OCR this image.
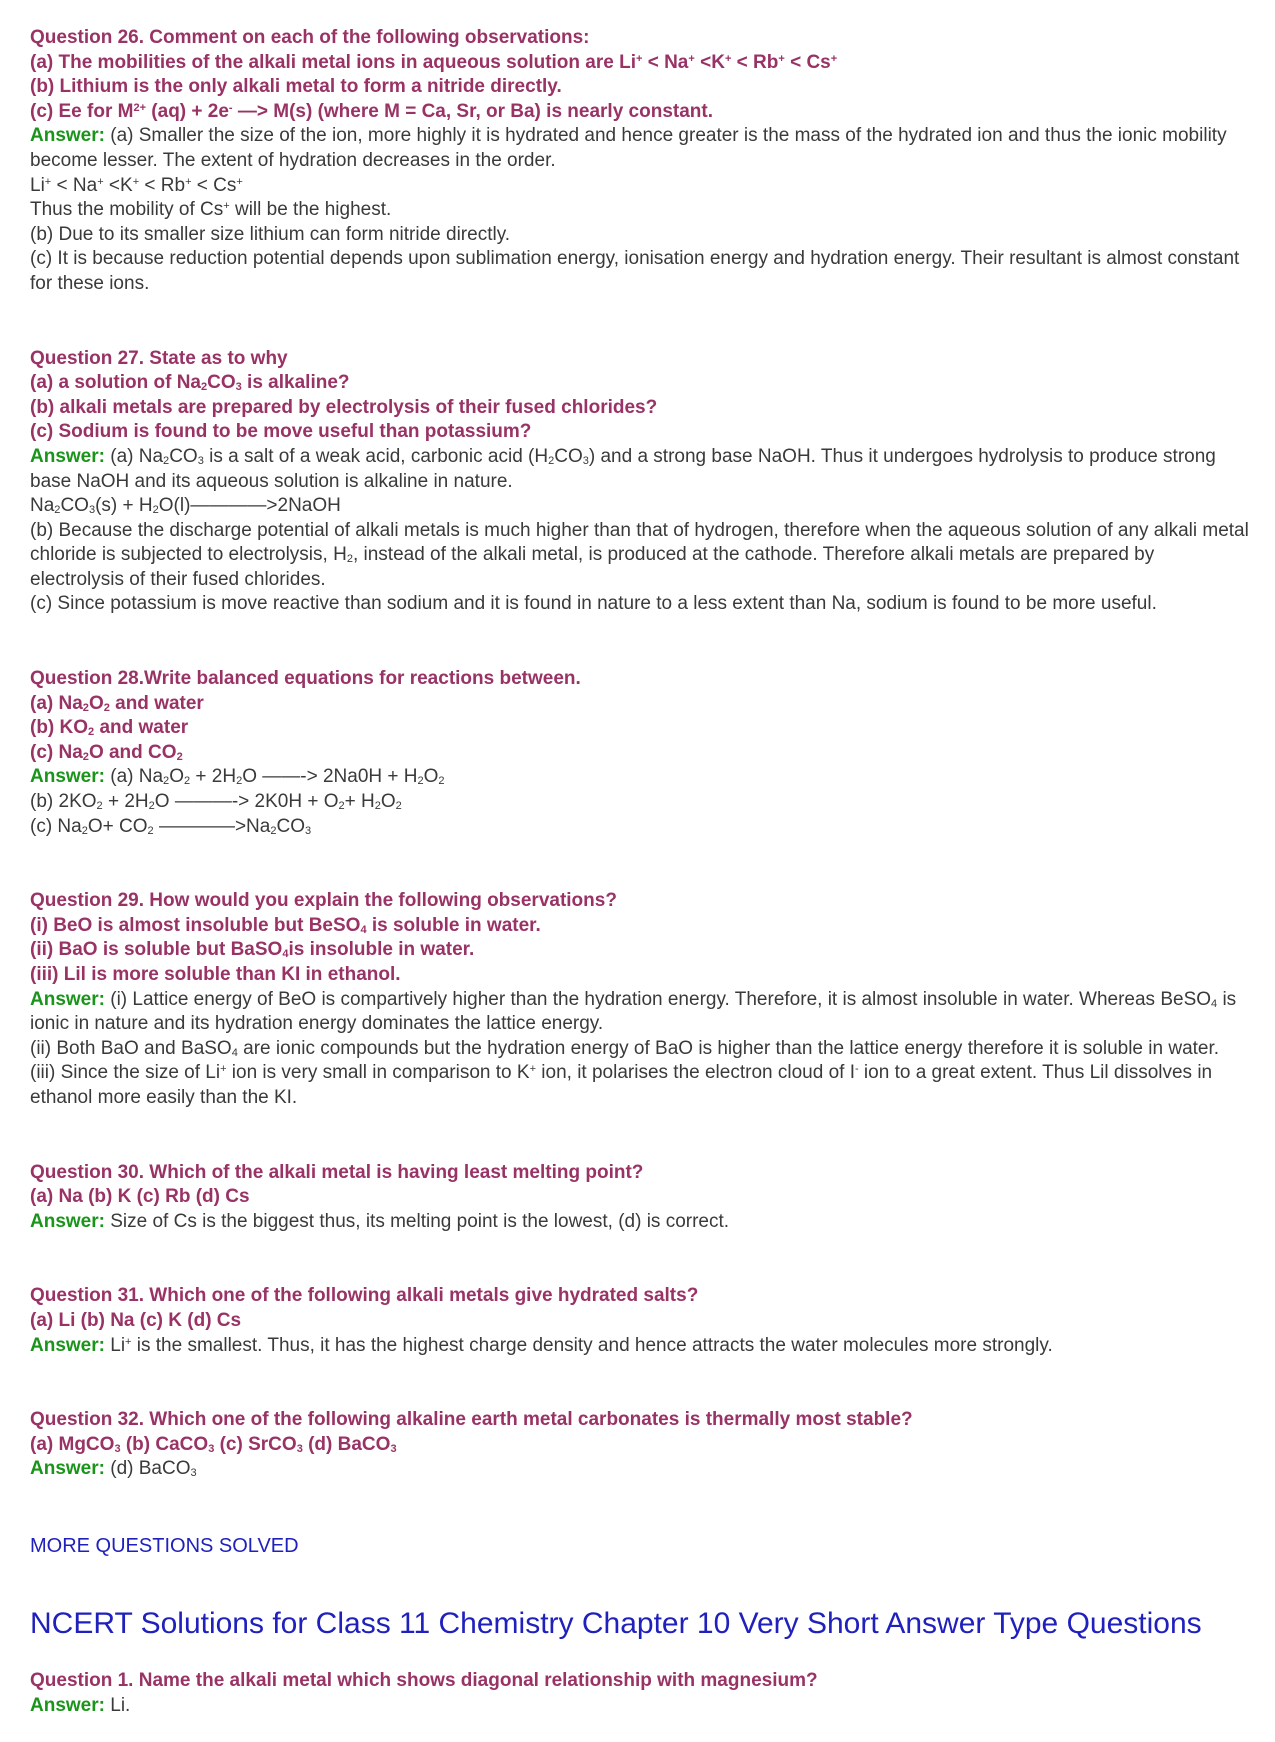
Question 26. Comment on each of the following observations:

(a) The mobilities of the alkali metal ions in aqueous solution are Li+ < Na+ <K+ < Rb+ < Cs+

(b) Lithium is the only alkali metal to form a nitride directly.

(c) Ee for $M^{2+}$ (aq) + 2e- —> M(s) (where M = Ca, Sr, or Ba) is nearly constant.

Answer: (a) Smaller the size of the ion, more highly it is hydrated and hence greater is the mass of the hydrated ion and thus the ionic mobility become lesser. The extent of hydration decreases in the order.

Li+ < Na+ <K+ < Rb+ < Cs+

Thus the mobility of Cs+ will be the highest.

(b) Due to its smaller size lithium can form nitride directly.

(c) It is because reduction potential depends upon sublimation energy, ionisation energy and hydration energy. Their resultant is almost constant for these ions.

Question 27. State as to why

(a) a solution of $Na_2CO_3$ is alkaline?

(b) alkali metals are prepared by electrolysis of their fused chlorides?

(c) Sodium is found to be move useful than potassium?

Answer: (a) $Na_2CO_3$ is a salt of a weak acid, carbonic acid $(H_2CO_3)$ and a strong base NaOH. Thus it undergoes hydrolysis to produce strong base NaOH and its aqueous solution is alkaline in nature.

$Na_2CO_3(s)$ + $H_2O(l)————>2NaOH$

(b) Because the discharge potential of alkali metals is much higher than that of hydrogen, therefore when the aqueous solution of any alkali metal chloride is subjected to electrolysis, $H_2$, instead of the alkali metal, is produced at the cathode. Therefore alkali metals are prepared by electrolysis of their fused chlorides.

(c) Since potassium is move reactive than sodium and it is found in nature to a less extent than Na, sodium is found to be more useful.

Question 28.Write balanced equations for reactions between.

(a) $Na_2O_2$ and water

(b) $KO_2$ and water

(c) $Na_2O$ and $CO_2$

Answer: (a) $Na_2O_2 + 2H_2O$ ——-> $2Na0H + H_2O_2$

(b) $2KO_2 + 2H_2O$ ———-> $2K0H + O_2+ H_2O_2$

(c) $Na_2O+ CO_2$ $————>Na_2CO_3$

Question 29. How would you explain the following observations?

(i) BeO is almost insoluble but BeSO$_4$ is soluble in water.

(ii) BaO is soluble but BaSO$_4$is insoluble in water.

(iii) Lil is more soluble than KI in ethanol.

Answer: (i) Lattice energy of BeO is compartively higher than the hydration energy. Therefore, it is almost insoluble in water. Whereas BeSO$_4$ is ionic in nature and its hydration energy dominates the lattice energy.

(ii) Both BaO and BaSO$_4$ are ionic compounds but the hydration energy of BaO is higher than the lattice energy therefore it is soluble in water.

(iii) Since the size of Li+ ion is very small in comparison to K+ ion, it polarises the electron cloud of I- ion to a great extent. Thus Lil dissolves in ethanol more easily than the KI.

Question 30. Which of the alkali metal is having least melting point?

(a) Na (b) K (c) Rb (d) Cs

Answer: Size of Cs is the biggest thus, its melting point is the lowest, (d) is correct.

Question 31. Which one of the following alkali metals give hydrated salts?

(a) Li (b) Na (c) K (d) Cs

Answer: Li+ is the smallest. Thus, it has the highest charge density and hence attracts the water molecules more strongly.

Question 32. Which one of the following alkaline earth metal carbonates is thermally most stable?

(a) MgCO$_3$ (b) CaCO$_3$ (c) SrCO$_3$ (d) BaCO$_3$

Answer: (d) BaCO$_3$

MORE QUESTIONS SOLVED
NCERT Solutions for Class 11 Chemistry Chapter 10 Very Short Answer Type Questions

Question 1. Name the alkali metal which shows diagonal relationship with magnesium?

Answer: Li.
